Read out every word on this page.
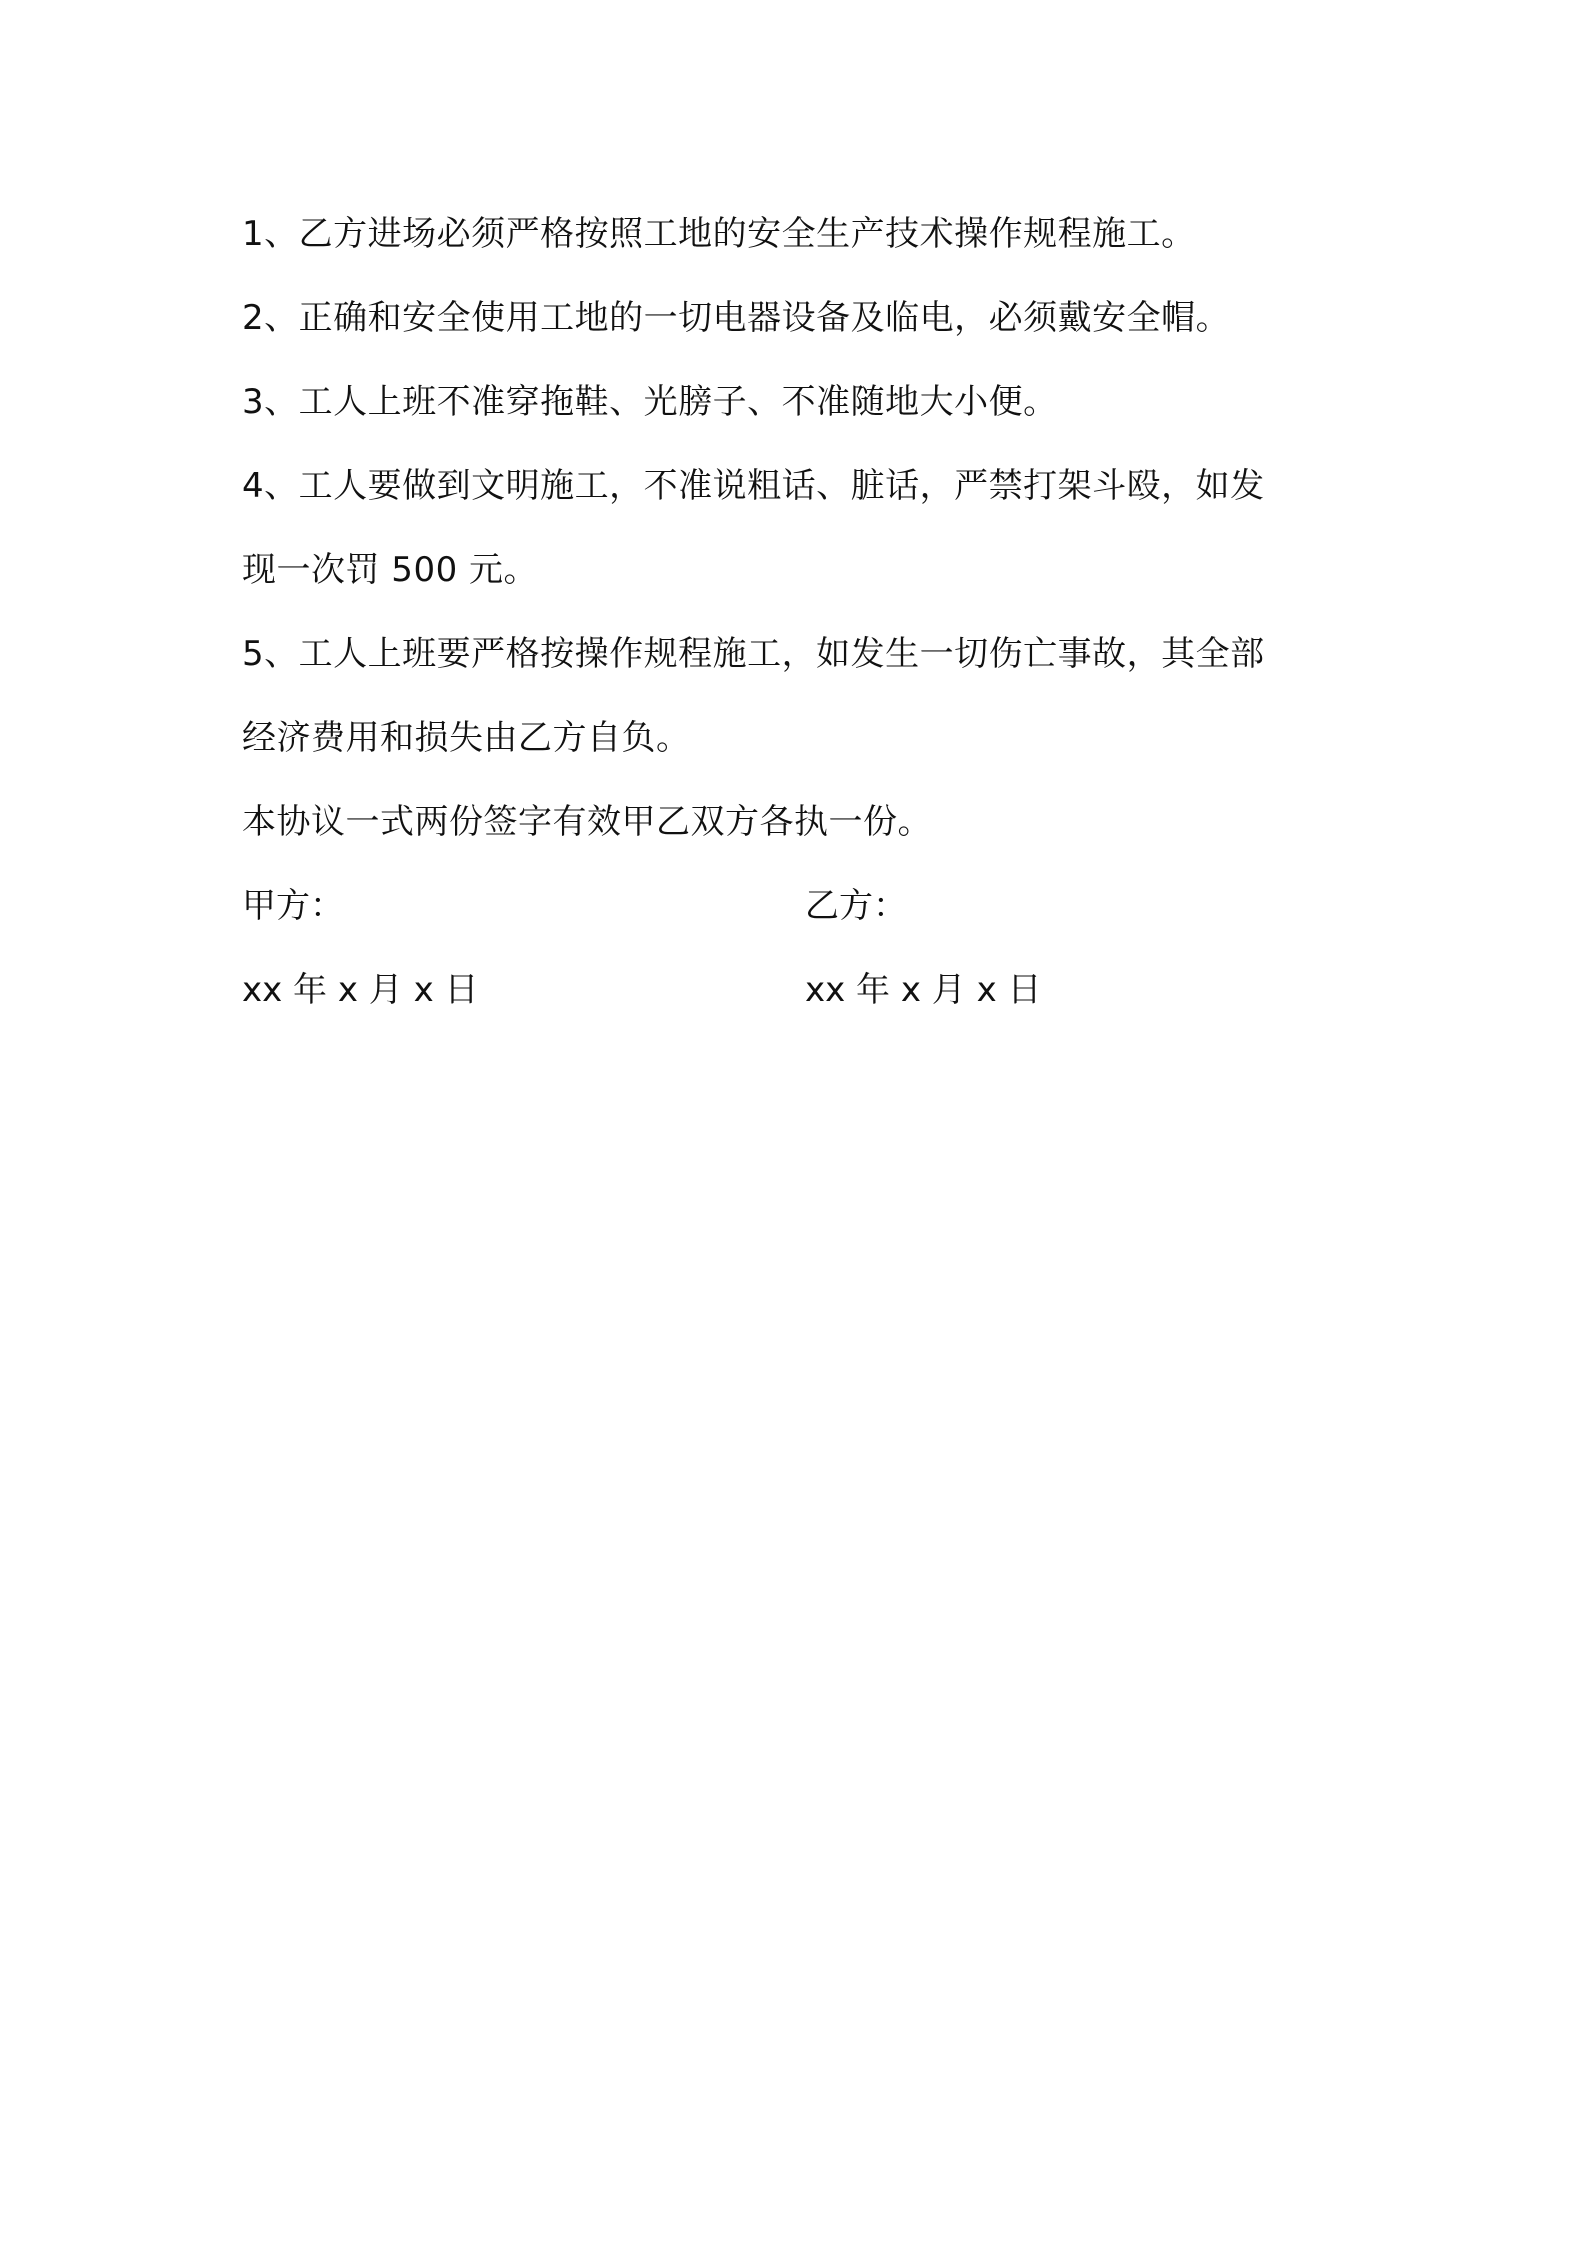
1、乙方进场必须严格按照工地的安全生产技术操作规程施工。
2、正确和安全使用工地的一切电器设备及临电，必须戴安全帽。
3、工人上班不准穿拖鞋、光膀子、不准随地大小便。
4、工人要做到文明施工，不准说粗话、脏话，严禁打架斗殴，如发
现一次罚 500 元。
5、工人上班要严格按操作规程施工，如发生一切伤亡事故，其全部
经济费用和损失由乙方自负。
本协议一式两份签字有效甲乙双方各执一份。
甲方：	乙方：
xx 年 x 月 x 日	xx 年 x 月 x 日
